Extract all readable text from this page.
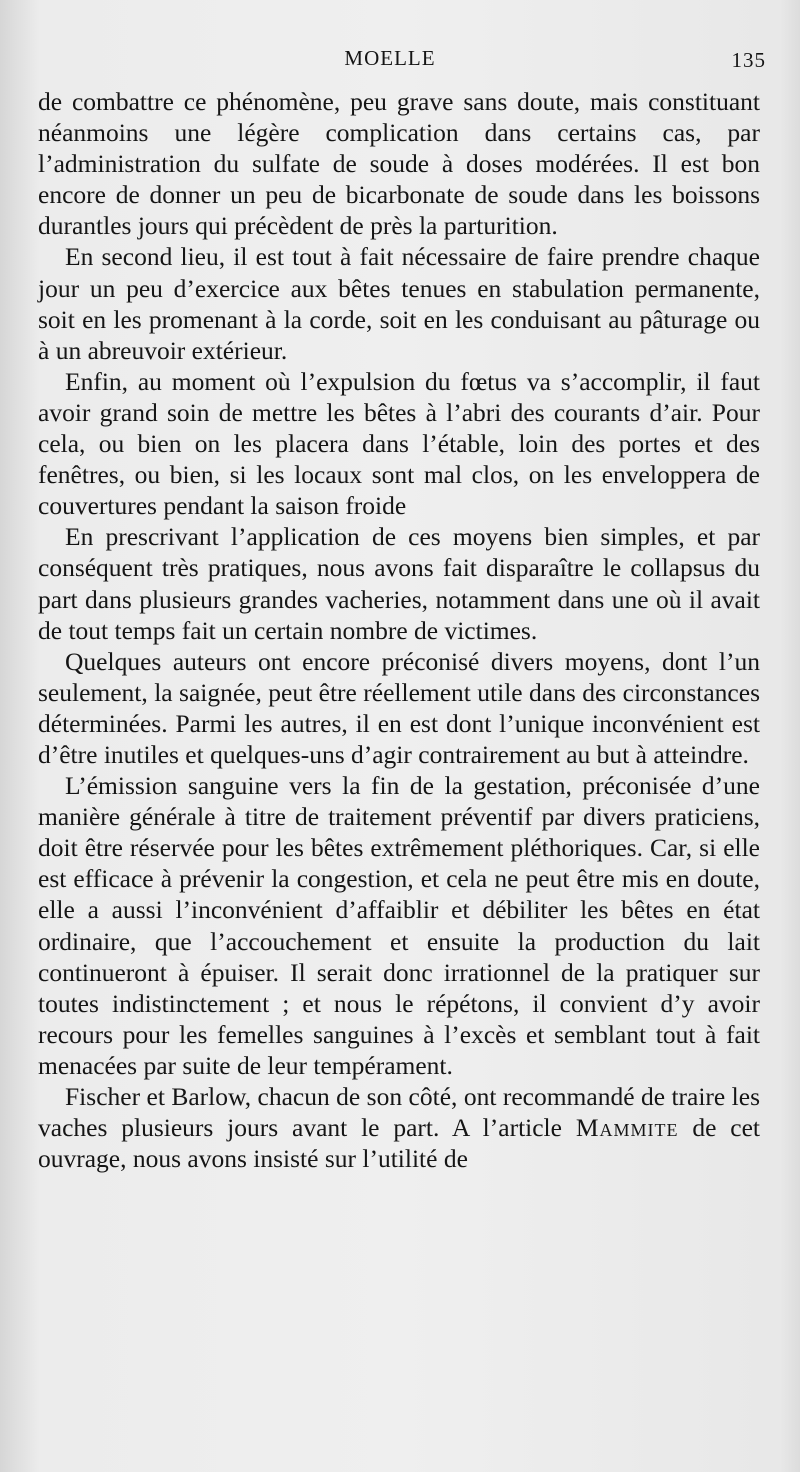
MOELLE	135

de combattre ce phénomène, peu grave sans doute, mais constituant néanmoins une légère complication dans certains cas, par l’administration du sulfate de soude à doses modérées. Il est bon encore de donner un peu de bicarbonate de soude dans les boissons durantles jours qui précèdent de près la parturition.

En second lieu, il est tout à fait nécessaire de faire prendre chaque jour un peu d’exercice aux bêtes tenues en stabulation permanente, soit en les promenant à la corde, soit en les conduisant au pâturage ou à un abreuvoir extérieur.

Enfin, au moment où l’expulsion du fœtus va s’accomplir, il faut avoir grand soin de mettre les bêtes à l’abri des courants d’air. Pour cela, ou bien on les placera dans l’étable, loin des portes et des fenêtres, ou bien, si les locaux sont mal clos, on les enveloppera de couvertures pendant la saison froide

En prescrivant l’application de ces moyens bien simples, et par conséquent très pratiques, nous avons fait disparaître le collapsus du part dans plusieurs grandes vacheries, notamment dans une où il avait de tout temps fait un certain nombre de victimes.

Quelques auteurs ont encore préconisé divers moyens, dont l’un seulement, la saignée, peut être réellement utile dans des circonstances déterminées. Parmi les autres, il en est dont l’unique inconvénient est d’être inutiles et quelques-uns d’agir contrairement au but à atteindre.

L’émission sanguine vers la fin de la gestation, préconisée d’une manière générale à titre de traitement préventif par divers praticiens, doit être réservée pour les bêtes extrêmement pléthoriques. Car, si elle est efficace à prévenir la congestion, et cela ne peut être mis en doute, elle a aussi l’inconvénient d’affaiblir et débiliter les bêtes en état ordinaire, que l’accouchement et ensuite la production du lait continueront à épuiser. Il serait donc irrationnel de la pratiquer sur toutes indistinctement ; et nous le répétons, il convient d’y avoir recours pour les femelles sanguines à l’excès et semblant tout à fait menacées par suite de leur tempérament.

Fischer et Barlow, chacun de son côté, ont recommandé de traire les vaches plusieurs jours avant le part. A l’article Mammite de cet ouvrage, nous avons insisté sur l’utilité de
